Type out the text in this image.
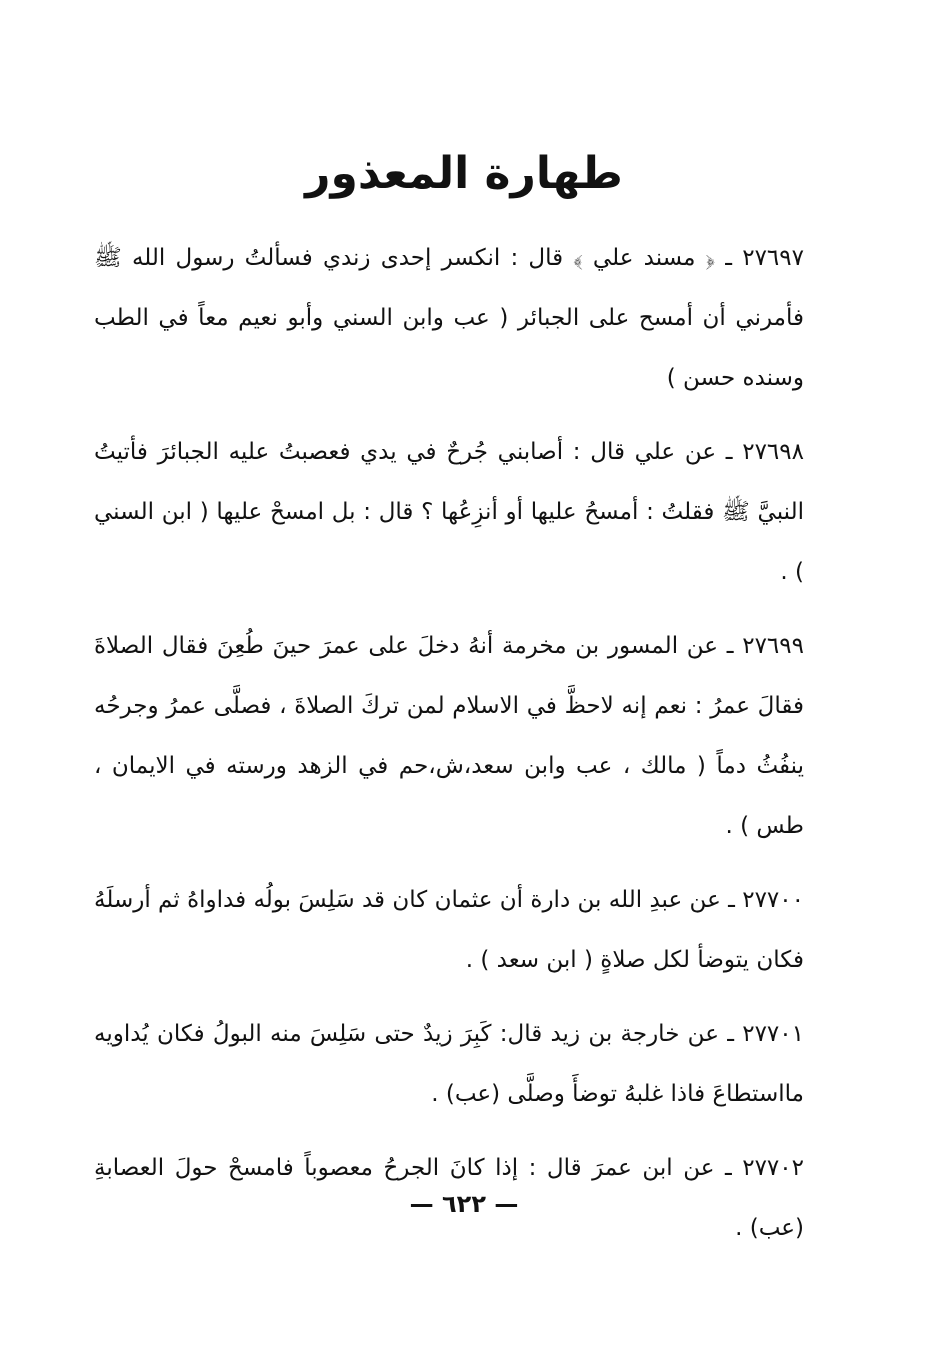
طهارة المعذور

٢٧٦٩٧ ـ ﴿ مسند علي ﴾ قال : انكسر إحدى زندي فسألتُ رسول الله ﷺ فأمرني أن أمسح على الجبائر ( عب وابن السني وأبو نعيم معاً في الطب وسنده حسن )

٢٧٦٩٨ ـ عن علي قال : أصابني جُرحٌ في يدي فعصبتُ عليه الجبائرَ فأتيتُ النبيَّ ﷺ فقلتُ : أمسحُ عليها أو أنزِعُها ؟ قال : بل امسحْ عليها ( ابن السني ) .

٢٧٦٩٩ ـ عن المسور بن مخرمة أنهُ دخلَ على عمرَ حينَ طُعِنَ فقال الصلاةَ فقالَ عمرُ : نعم إنه لاحظَّ في الاسلام لمن تركَ الصلاةَ ، فصلَّى عمرُ وجرحُه ينفُثُ دماً ( مالك ، عب وابن سعد،ش،حم في الزهد ورسته في الايمان ، طس ) .

٢٧٧٠٠ ـ عن عبدِ الله بن دارة أن عثمان كان قد سَلِسَ بولُه فداواهُ ثم أرسلَهُ فكان يتوضأ لكل صلاةٍ ( ابن سعد ) .

٢٧٧٠١ ـ عن خارجة بن زيد قال: كَبِرَ زيدٌ حتى سَلِسَ منه البولُ فكان يُداويه مااستطاعَ فاذا غلبهُ توضأَ وصلَّى (عب) .

٢٧٧٠٢ ـ عن ابن عمرَ قال : إذا كانَ الجرحُ معصوباً فامسحْ حولَ العصابةِ (عب) .

— ٦٢٢ —
